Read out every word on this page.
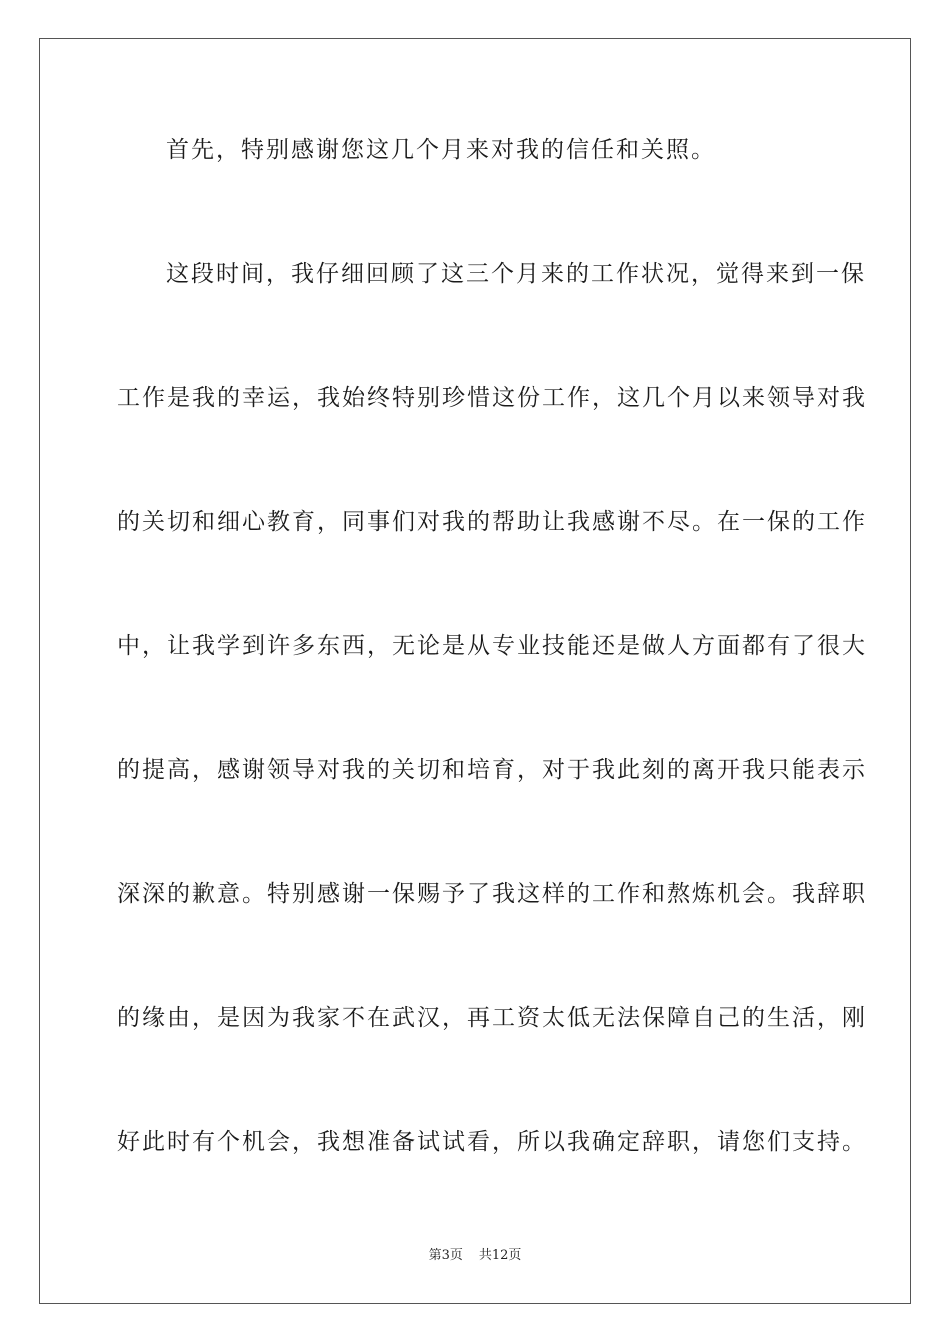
首先，特别感谢您这几个月来对我的信任和关照。
这段时间，我仔细回顾了这三个月来的工作状况，觉得来到一保
工作是我的幸运，我始终特别珍惜这份工作，这几个月以来领导对我
的关切和细心教育，同事们对我的帮助让我感谢不尽。在一保的工作
中，让我学到许多东西，无论是从专业技能还是做人方面都有了很大
的提高，感谢领导对我的关切和培育，对于我此刻的离开我只能表示
深深的歉意。特别感谢一保赐予了我这样的工作和熬炼机会。我辞职
的缘由，是因为我家不在武汉，再工资太低无法保障自己的生活，刚
好此时有个机会，我想准备试试看，所以我确定辞职，请您们支持。
第3页 共12页
